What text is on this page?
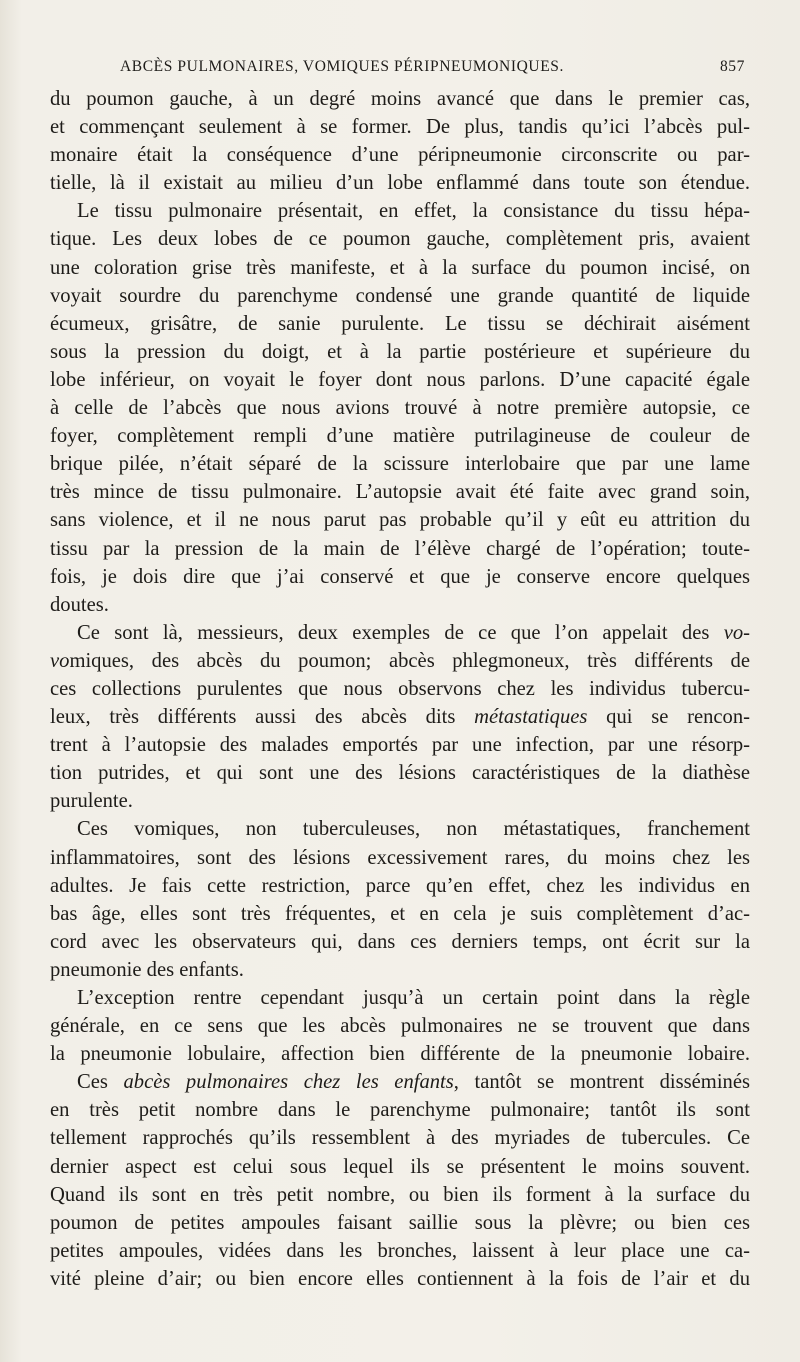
ABCÈS PULMONAIRES, VOMIQUES PÉRIPNEUMONIQUES.	857
du poumon gauche, à un degré moins avancé que dans le premier cas,
et commençant seulement à se former. De plus, tandis qu’ici l’abcès pul-
monaire était la conséquence d’une péripneumonie circonscrite ou par-
tielle, là il existait au milieu d’un lobe enflammé dans toute son étendue.
Le tissu pulmonaire présentait, en effet, la consistance du tissu hépa-
tique. Les deux lobes de ce poumon gauche, complètement pris, avaient
une coloration grise très manifeste, et à la surface du poumon incisé, on
voyait sourdre du parenchyme condensé une grande quantité de liquide
écumeux, grisâtre, de sanie purulente. Le tissu se déchirait aisément
sous la pression du doigt, et à la partie postérieure et supérieure du
lobe inférieur, on voyait le foyer dont nous parlons. D’une capacité égale
à celle de l’abcès que nous avions trouvé à notre première autopsie, ce
foyer, complètement rempli d’une matière putrilagineuse de couleur de
brique pilée, n’était séparé de la scissure interlobaire que par une lame
très mince de tissu pulmonaire. L’autopsie avait été faite avec grand soin,
sans violence, et il ne nous parut pas probable qu’il y eût eu attrition du
tissu par la pression de la main de l’élève chargé de l’opération; toute-
fois, je dois dire que j’ai conservé et que je conserve encore quelques
doutes.
Ce sont là, messieurs, deux exemples de ce que l’on appelait des vo-
vomiques, des abcès du poumon; abcès phlegmoneux, très différents de
ces collections purulentes que nous observons chez les individus tubercu-
leux, très différents aussi des abcès dits métastatiques qui se rencon-
trent à l’autopsie des malades emportés par une infection, par une résorp-
tion putrides, et qui sont une des lésions caractéristiques de la diathèse
purulente.
Ces vomiques, non tuberculeuses, non métastatiques, franchement
inflammatoires, sont des lésions excessivement rares, du moins chez les
adultes. Je fais cette restriction, parce qu’en effet, chez les individus en
bas âge, elles sont très fréquentes, et en cela je suis complètement d’ac-
cord avec les observateurs qui, dans ces derniers temps, ont écrit sur la
pneumonie des enfants.
L’exception rentre cependant jusqu’à un certain point dans la règle
générale, en ce sens que les abcès pulmonaires ne se trouvent que dans
la pneumonie lobulaire, affection bien différente de la pneumonie lobaire.
Ces abcès pulmonaires chez les enfants, tantôt se montrent disséminés
en très petit nombre dans le parenchyme pulmonaire; tantôt ils sont
tellement rapprochés qu’ils ressemblent à des myriades de tubercules. Ce
dernier aspect est celui sous lequel ils se présentent le moins souvent.
Quand ils sont en très petit nombre, ou bien ils forment à la surface du
poumon de petites ampoules faisant saillie sous la plèvre; ou bien ces
petites ampoules, vidées dans les bronches, laissent à leur place une ca-
vité pleine d’air; ou bien encore elles contiennent à la fois de l’air et du
